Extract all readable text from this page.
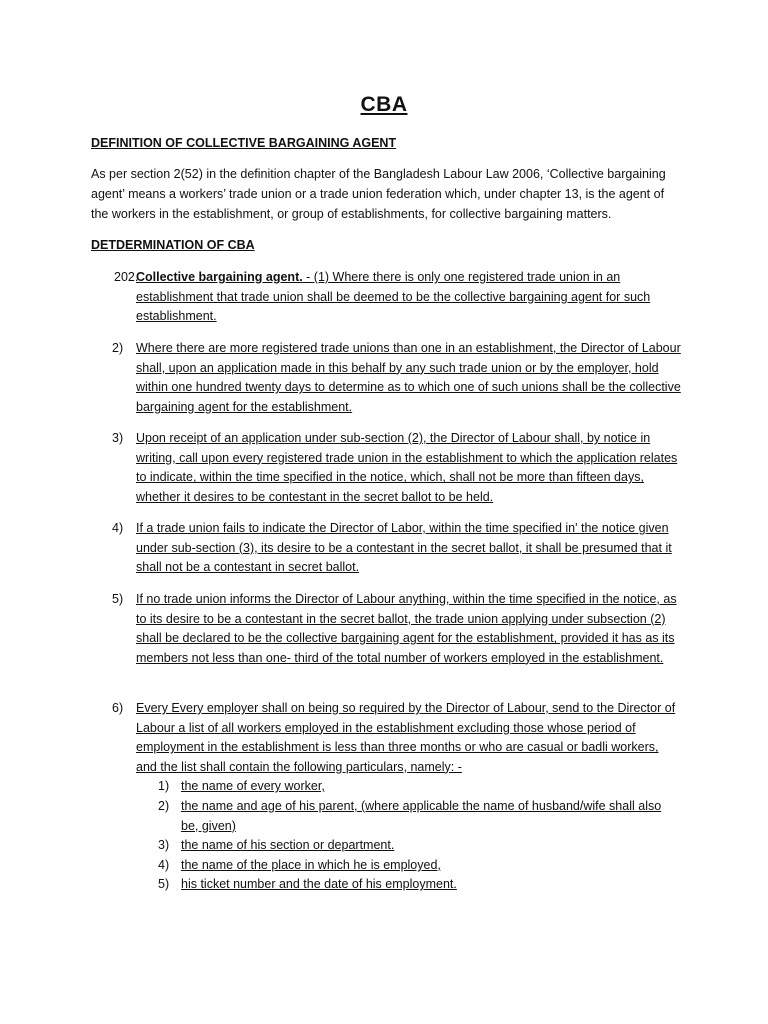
CBA
DEFINITION OF COLLECTIVE BARGAINING AGENT
As per section 2(52) in the definition chapter of the Bangladesh Labour Law 2006, ‘Collective bargaining agent’ means a workers’ trade union or a trade union federation which, under chapter 13, is the agent of the workers in the establishment, or group of establishments, for collective bargaining matters.
DETDERMINATION OF CBA
202.
Collective bargaining agent. - (1) Where there is only one registered trade union in an establishment that trade union shall be deemed to be the collective bargaining agent for such establishment.
2) Where there are more registered trade unions than one in an establishment, the Director of Labour shall, upon an application made in this behalf by any such trade union or by the employer, hold within one hundred twenty days to determine as to which one of such unions shall be the collective bargaining agent for the establishment.
3) Upon receipt of an application under sub-section (2), the Director of Labour shall, by notice in writing, call upon every registered trade union in the establishment to which the application relates to indicate, within the time specified in the notice, which, shall not be more than fifteen days, whether it desires to be contestant in the secret ballot to be held.
4) If a trade union fails to indicate the Director of Labor, within the time specified in' the notice given under sub-section (3), its desire to be a contestant in the secret ballot, it shall be presumed that it shall not be a contestant in secret ballot.
5) If no trade union informs the Director of Labour anything, within the time specified in the notice, as to its desire to be a contestant in the secret ballot, the trade union applying under subsection (2) shall be declared to be the collective bargaining agent for the establishment, provided it has as its members not less than one- third of the total number of workers employed in the establishment.
6) Every Every employer shall on being so required by the Director of Labour, send to the Director of Labour a list of all workers employed in the establishment excluding those whose period of employment in the establishment is less than three months or who are casual or badli workers, and the list shall contain the following particulars, namely: -
1) the name of every worker,
2) the name and age of his parent, (where applicable the name of husband/wife shall also be, given)
3) the name of his section or department.
4) the name of the place in which he is employed,
5) his ticket number and the date of his employment.
